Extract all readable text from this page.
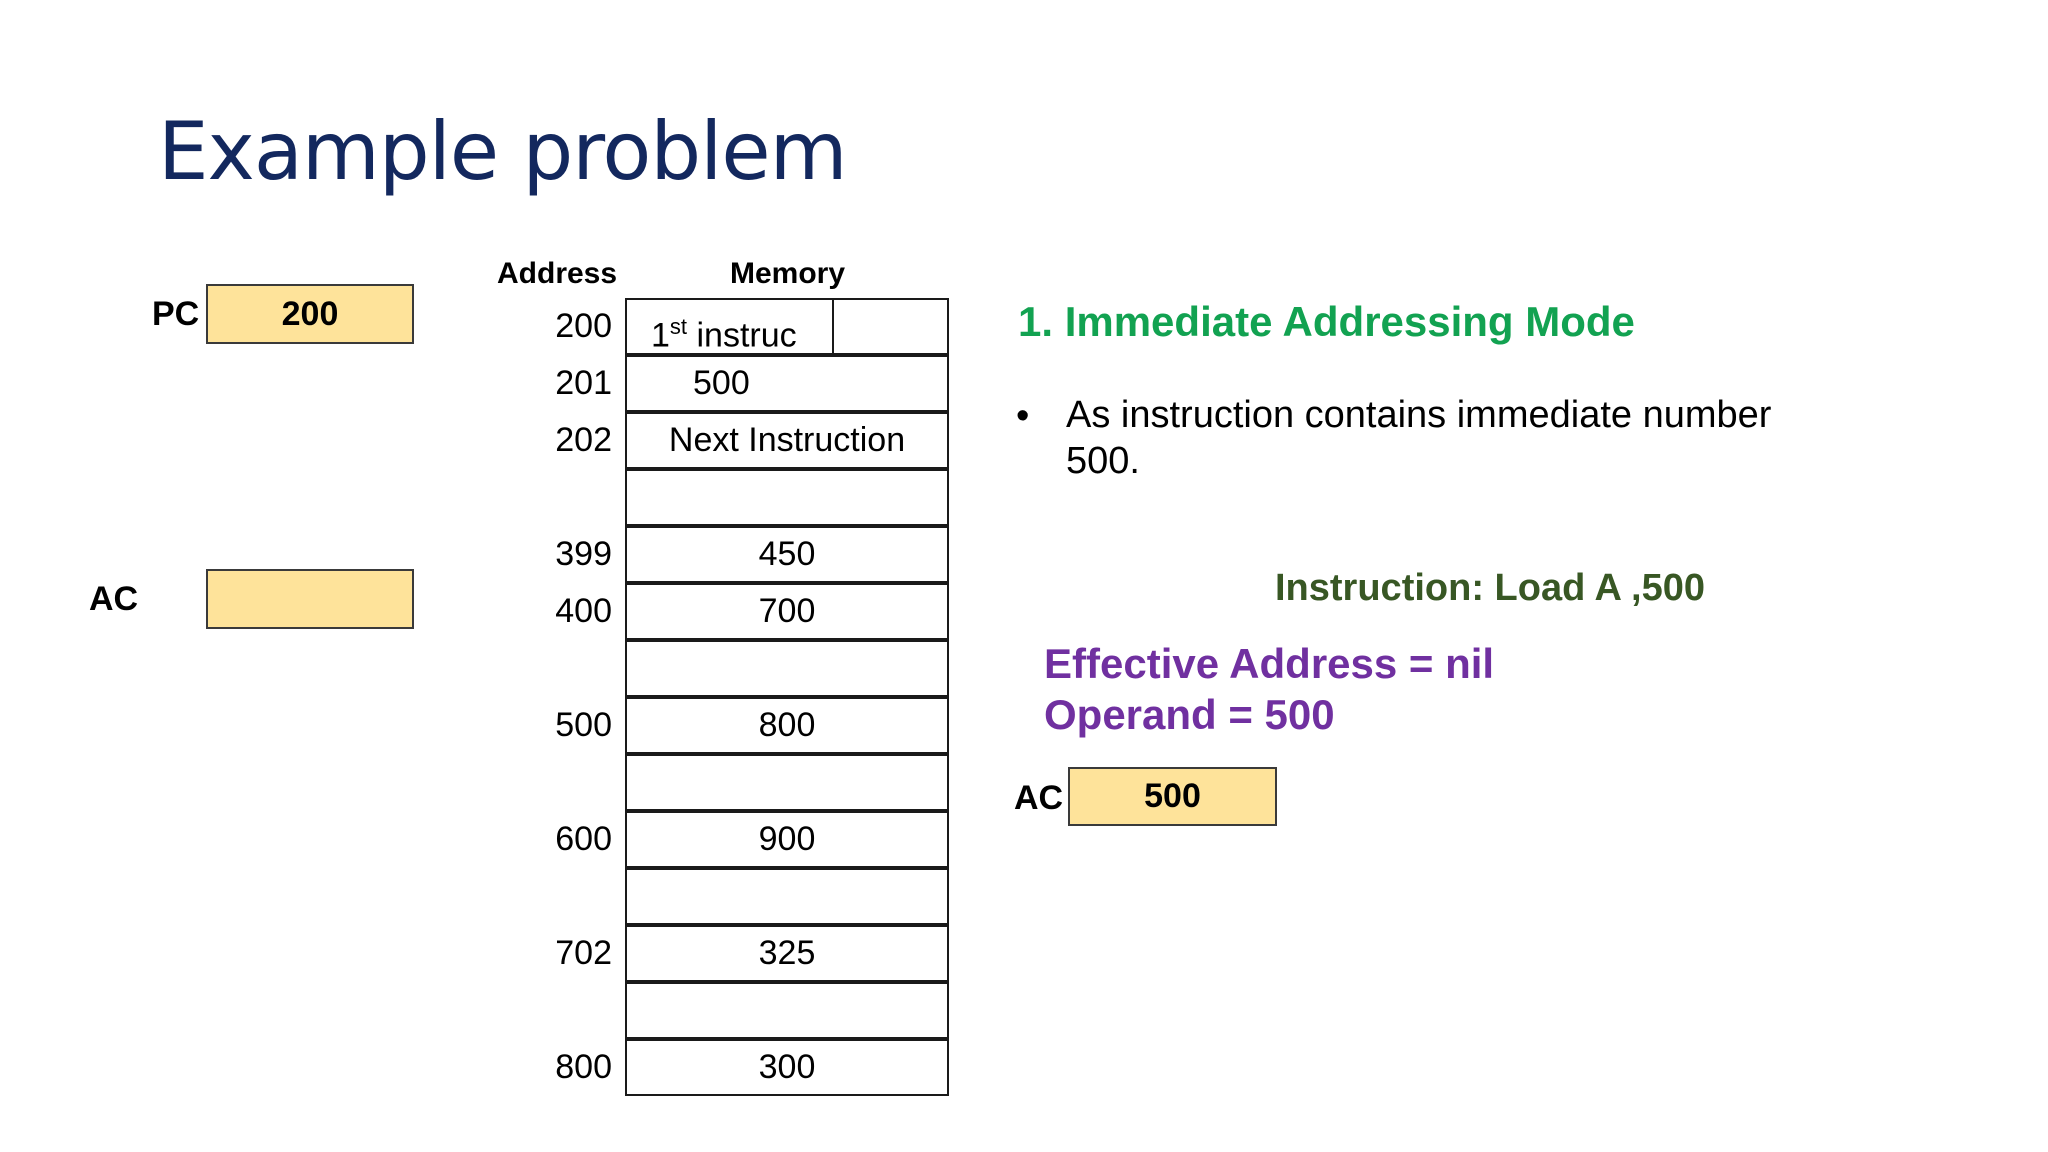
Example problem
PC 200
AC
Address	Memory
200 1st instruc
201 500
202	Next Instruction
399	450
400	700
500	800
600	900
702	325
800	300
1. Immediate Addressing Mode
• As instruction contains immediate number 500.
Instruction: Load A ,500
Effective Address = nil
Operand = 500
AC 500
